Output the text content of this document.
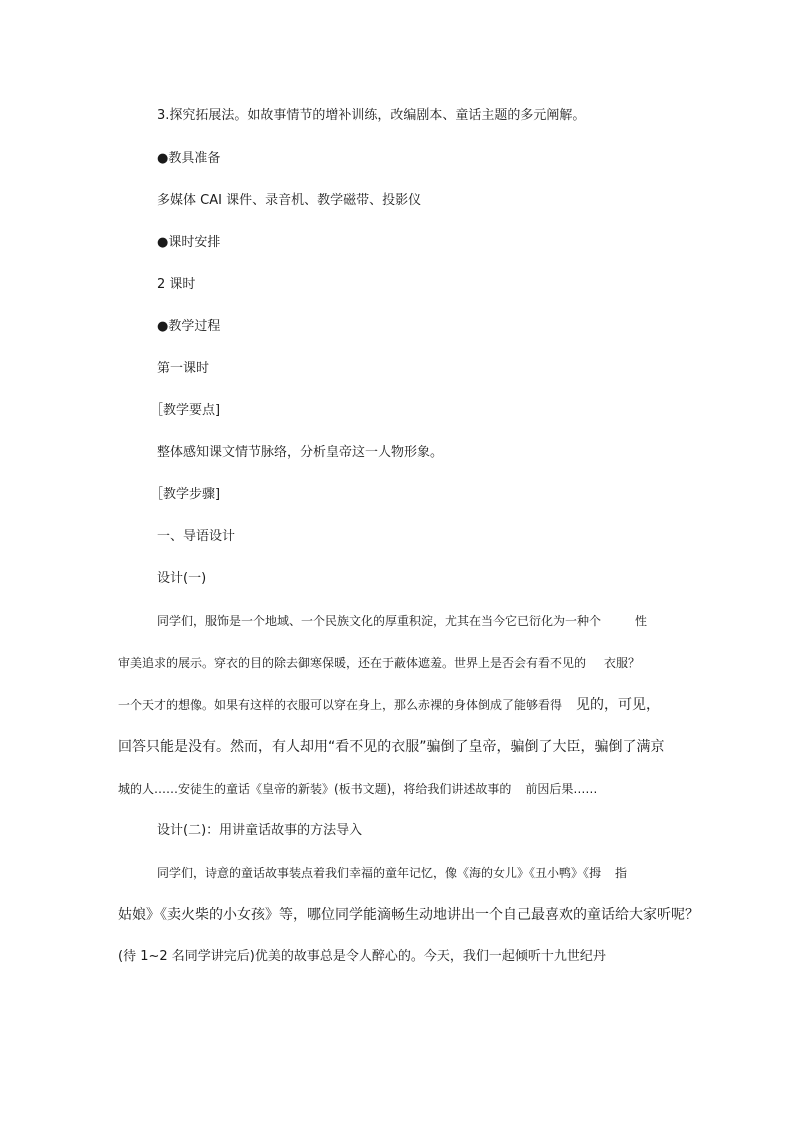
3.探究拓展法。如故事情节的增补训练，改编剧本、童话主题的多元阐解。
●教具准备
多媒体 CAI 课件、录音机、教学磁带、投影仪
●课时安排
2 课时
●教学过程
第一课时
［教学要点]
整体感知课文情节脉络，分析皇帝这一人物形象。
［教学步骤]
一、导语设计
设计(一)
同学们，服饰是一个地域、一个民族文化的厚重积淀，尤其在当今它已衍化为一种个	性
审美追求的展示。穿衣的目的除去御寒保暖，还在于蔽体遮羞。世界上是否会有看不见的 衣服？
一个天才的想像。如果有这样的衣服可以穿在身上，那么赤裸的身体倒成了能够看得 见的，可见，
回答只能是没有。然而，有人却用“看不见的衣服”骗倒了皇帝，骗倒了大臣，骗倒了满京
城的人……安徒生的童话《皇帝的新装》(板书文题)，将给我们讲述故事的 前因后果……
设计(二)：用讲童话故事的方法导入
同学们，诗意的童话故事装点着我们幸福的童年记忆，像《海的女儿》《丑小鸭》《拇 指
姑娘》《卖火柴的小女孩》等，哪位同学能滴畅生动地讲出一个自己最喜欢的童话给大家听呢？
(待 1~2 名同学讲完后)优美的故事总是令人醉心的。今天，我们一起倾听十九世纪丹
